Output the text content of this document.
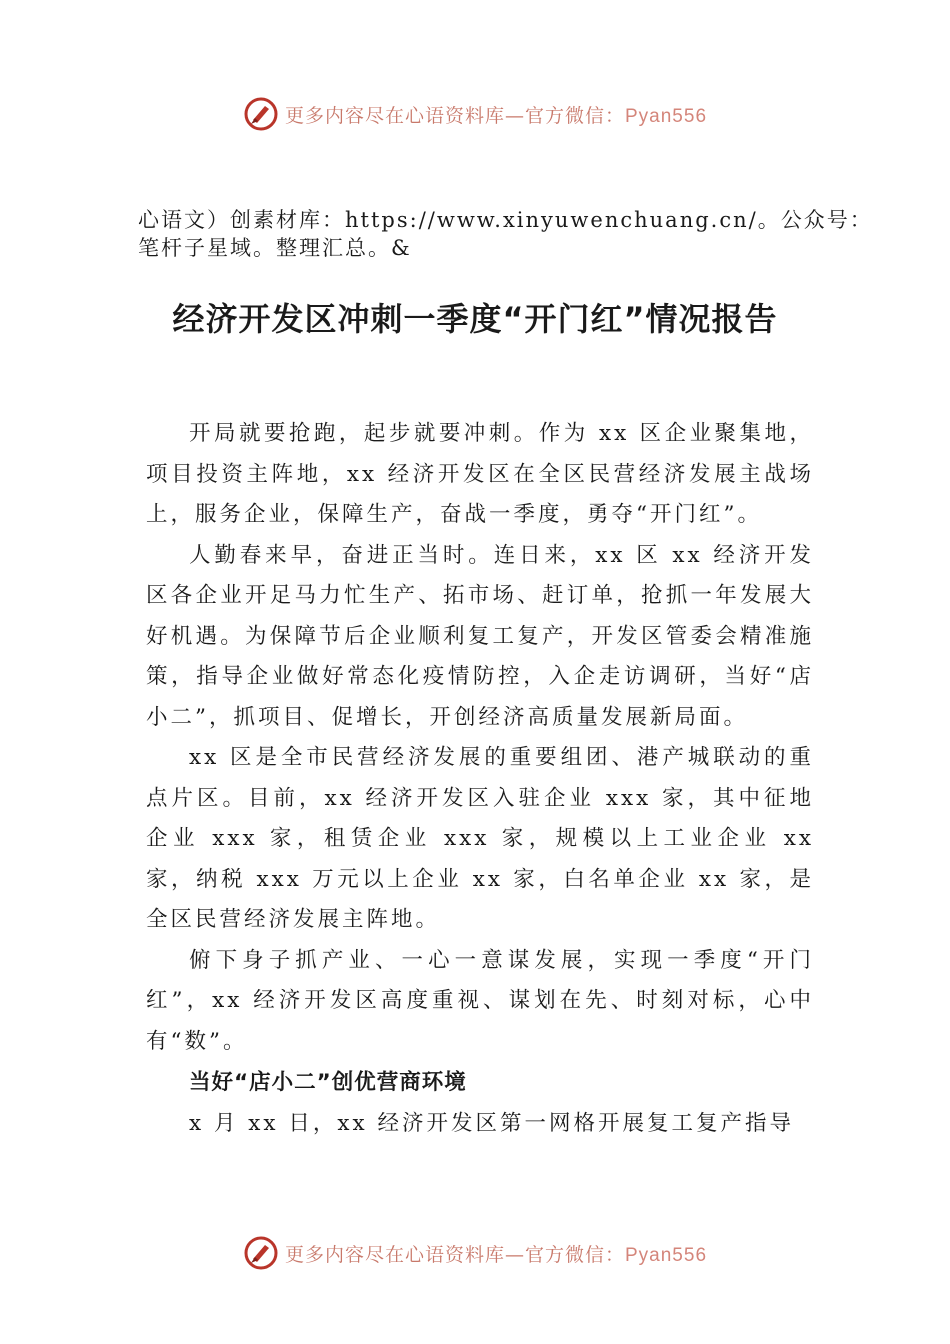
更多内容尽在心语资料库—官方微信：Pyan556
心语文）创素材库：https://www.xinyuwenchuang.cn/。公众号：
笔杆子星域。整理汇总。&
经济开发区冲刺一季度“开门红”情况报告

开局就要抢跑，起步就要冲刺。作为 xx 区企业聚集地，项目投资主阵地，xx 经济开发区在全区民营经济发展主战场上，服务企业，保障生产，奋战一季度，勇夺“开门红”。

人勤春来早，奋进正当时。连日来，xx 区 xx 经济开发区各企业开足马力忙生产、拓市场、赶订单，抢抓一年发展大好机遇。为保障节后企业顺利复工复产，开发区管委会精准施策，指导企业做好常态化疫情防控，入企走访调研，当好“店小二”，抓项目、促增长，开创经济高质量发展新局面。

xx 区是全市民营经济发展的重要组团、港产城联动的重点片区。目前，xx 经济开发区入驻企业 xxx 家，其中征地企业 xxx 家，租赁企业 xxx 家，规模以上工业企业 xx 家，纳税 xxx 万元以上企业 xx 家，白名单企业 xx 家，是全区民营经济发展主阵地。

俯下身子抓产业、一心一意谋发展，实现一季度“开门红”，xx 经济开发区高度重视、谋划在先、时刻对标，心中有“数”。

当好“店小二”创优营商环境

x 月 xx 日，xx 经济开发区第一网格开展复工复产指导

更多内容尽在心语资料库—官方微信：Pyan556
